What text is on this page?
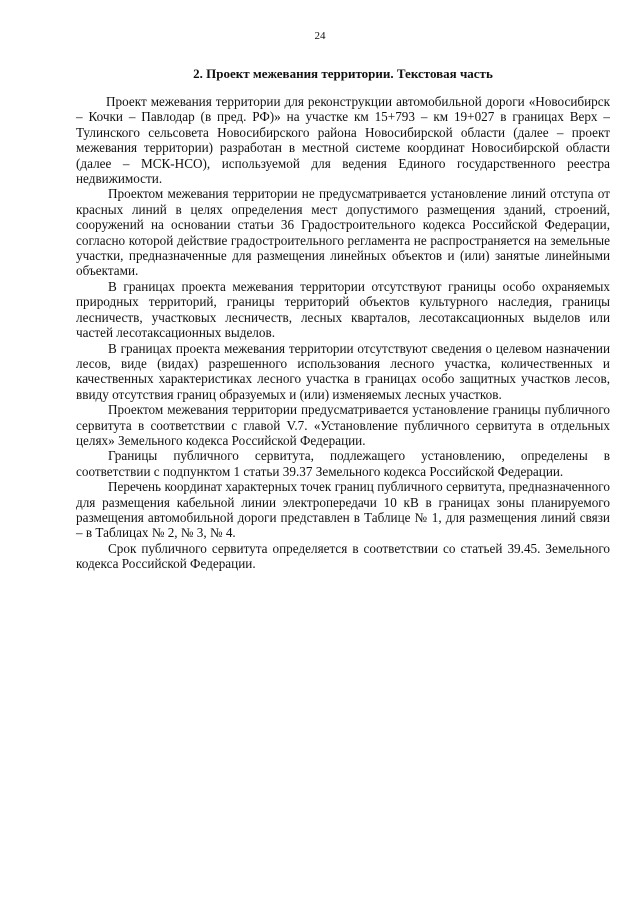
24
2. Проект межевания территории. Текстовая часть

Проект межевания территории для реконструкции автомобильной дороги «Новосибирск – Кочки – Павлодар (в пред. РФ)» на участке км 15+793 – км 19+027 в границах Верх – Тулинского сельсовета Новосибирского района Новосибирской области (далее – проект межевания территории) разработан в местной системе координат Новосибирской области (далее – МСК-НСО), используемой для ведения Единого государственного реестра недвижимости.

Проектом межевания территории не предусматривается установление линий отступа от красных линий в целях определения мест допустимого размещения зданий, строений, сооружений на основании статьи 36 Градостроительного кодекса Российской Федерации, согласно которой действие градостроительного регламента не распространяется на земельные участки, предназначенные для размещения линейных объектов и (или) занятые линейными объектами.

В границах проекта межевания территории отсутствуют границы особо охраняемых природных территорий, границы территорий объектов культурного наследия, границы лесничеств, участковых лесничеств, лесных кварталов, лесотаксационных выделов или частей лесотаксационных выделов.

В границах проекта межевания территории отсутствуют сведения о целевом назначении лесов, виде (видах) разрешенного использования лесного участка, количественных и качественных характеристиках лесного участка в границах особо защитных участков лесов, ввиду отсутствия границ образуемых и (или) изменяемых лесных участков.

Проектом межевания территории предусматривается установление границы публичного сервитута в соответствии с главой V.7. «Установление публичного сервитута в отдельных целях» Земельного кодекса Российской Федерации.

Границы публичного сервитута, подлежащего установлению, определены в соответствии с подпунктом 1 статьи 39.37 Земельного кодекса Российской Федерации.

Перечень координат характерных точек границ публичного сервитута, предназначенного для размещения кабельной линии электропередачи 10 кВ в границах зоны планируемого размещения автомобильной дороги представлен в Таблице № 1, для размещения линий связи – в Таблицах № 2, № 3, № 4.

Срок публичного сервитута определяется в соответствии со статьей 39.45. Земельного кодекса Российской Федерации.
